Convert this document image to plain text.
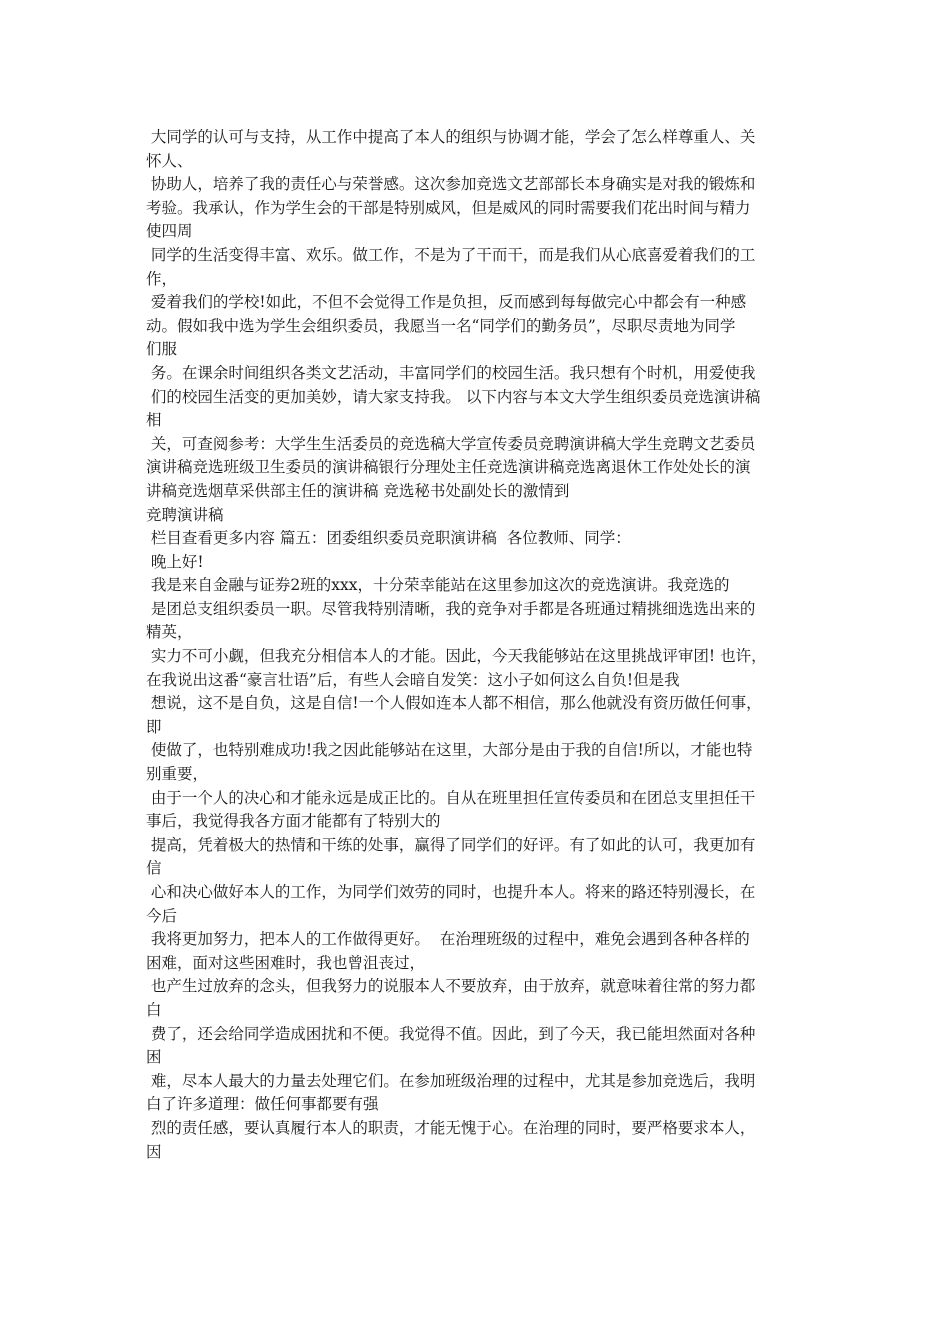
大同学的认可与支持，从工作中提高了本人的组织与协调才能，学会了怎么样尊重人、关
怀人、
协助人，培养了我的责任心与荣誉感。这次参加竞选文艺部部长本身确实是对我的锻炼和
考验。我承认，作为学生会的干部是特别威风，但是威风的同时需要我们花出时间与精力
使四周
同学的生活变得丰富、欢乐。做工作，不是为了干而干，而是我们从心底喜爱着我们的工
作，
爱着我们的学校!如此，不但不会觉得工作是负担，反而感到每每做完心中都会有一种感
动。假如我中选为学生会组织委员，我愿当一名“同学们的勤务员”，尽职尽责地为同学
们服
务。在课余时间组织各类文艺活动，丰富同学们的校园生活。我只想有个时机，用爱使我
们的校园生活变的更加美妙，请大家支持我。 以下内容与本文大学生组织委员竞选演讲稿
相
关，可查阅参考：大学生生活委员的竞选稿大学宣传委员竞聘演讲稿大学生竞聘文艺委员
演讲稿竞选班级卫生委员的演讲稿银行分理处主任竞选演讲稿竞选离退休工作处处长的演
讲稿竞选烟草采供部主任的演讲稿 竞选秘书处副处长的激情到
竞聘演讲稿
栏目查看更多内容 篇五：团委组织委员竞职演讲稿  各位教师、同学：
晚上好!
我是来自金融与证券2班的xxx，十分荣幸能站在这里参加这次的竞选演讲。我竞选的
是团总支组织委员一职。尽管我特别清晰，我的竞争对手都是各班通过精挑细选选出来的
精英，
实力不可小觑，但我充分相信本人的才能。因此，今天我能够站在这里挑战评审团! 也许，
在我说出这番“豪言壮语”后，有些人会暗自发笑：这小子如何这么自负!但是我
想说，这不是自负，这是自信!一个人假如连本人都不相信，那么他就没有资历做任何事，
即
使做了，也特别难成功!我之因此能够站在这里，大部分是由于我的自信!所以，才能也特
别重要，
由于一个人的决心和才能永远是成正比的。自从在班里担任宣传委员和在团总支里担任干
事后，我觉得我各方面才能都有了特别大的
提高，凭着极大的热情和干练的处事，赢得了同学们的好评。有了如此的认可，我更加有
信
心和决心做好本人的工作，为同学们效劳的同时，也提升本人。将来的路还特别漫长，在
今后
我将更加努力，把本人的工作做得更好。  在治理班级的过程中，难免会遇到各种各样的
困难，面对这些困难时，我也曾沮丧过，
也产生过放弃的念头，但我努力的说服本人不要放弃，由于放弃，就意味着往常的努力都
白
费了，还会给同学造成困扰和不便。我觉得不值。因此，到了今天，我已能坦然面对各种
困
难，尽本人最大的力量去处理它们。在参加班级治理的过程中，尤其是参加竞选后，我明
白了许多道理：做任何事都要有强
烈的责任感，要认真履行本人的职责，才能无愧于心。在治理的同时，要严格要求本人，
因
